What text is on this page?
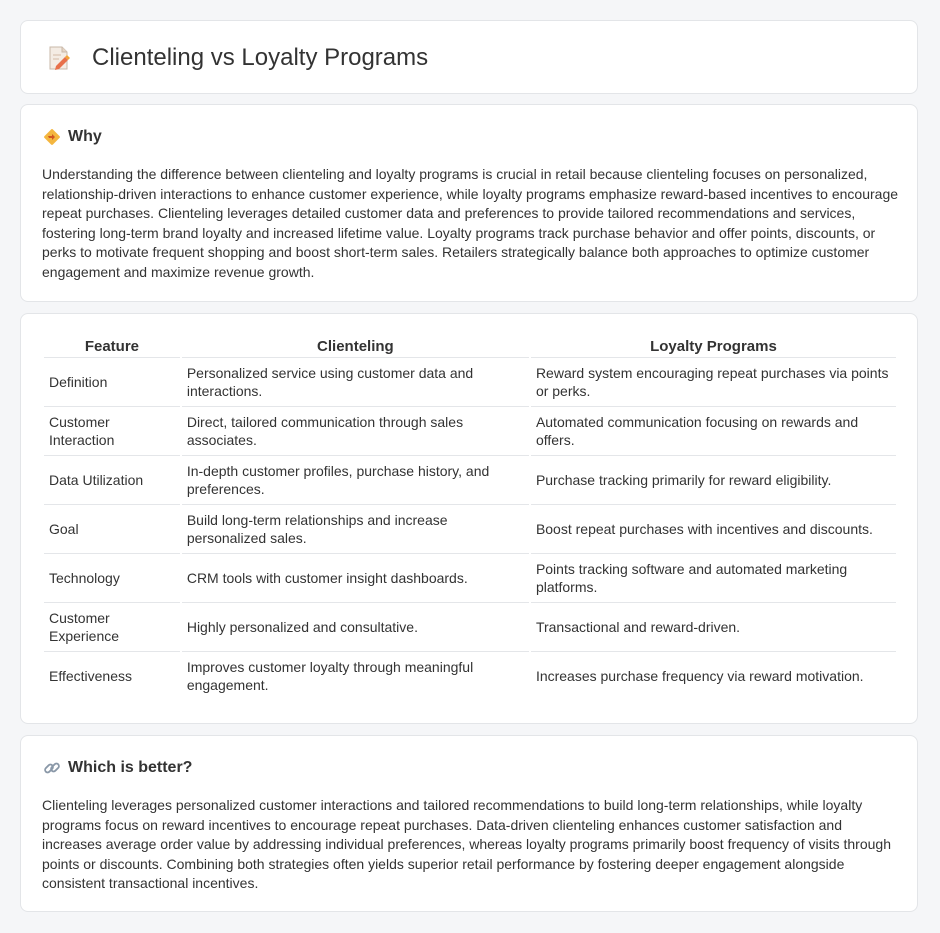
Clienteling vs Loyalty Programs
Why

Understanding the difference between clienteling and loyalty programs is crucial in retail because clienteling focuses on personalized, relationship-driven interactions to enhance customer experience, while loyalty programs emphasize reward-based incentives to encourage repeat purchases. Clienteling leverages detailed customer data and preferences to provide tailored recommendations and services, fostering long-term brand loyalty and increased lifetime value. Loyalty programs track purchase behavior and offer points, discounts, or perks to motivate frequent shopping and boost short-term sales. Retailers strategically balance both approaches to optimize customer engagement and maximize revenue growth.

Feature	Clienteling	Loyalty Programs
Definition	Personalized service using customer data and interactions.	Reward system encouraging repeat purchases via points or perks.
Customer Interaction	Direct, tailored communication through sales associates.	Automated communication focusing on rewards and offers.
Data Utilization	In-depth customer profiles, purchase history, and preferences.	Purchase tracking primarily for reward eligibility.
Goal	Build long-term relationships and increase personalized sales.	Boost repeat purchases with incentives and discounts.
Technology	CRM tools with customer insight dashboards.	Points tracking software and automated marketing platforms.
Customer Experience	Highly personalized and consultative.	Transactional and reward-driven.
Effectiveness	Improves customer loyalty through meaningful engagement.	Increases purchase frequency via reward motivation.
Which is better?

Clienteling leverages personalized customer interactions and tailored recommendations to build long-term relationships, while loyalty programs focus on reward incentives to encourage repeat purchases. Data-driven clienteling enhances customer satisfaction and increases average order value by addressing individual preferences, whereas loyalty programs primarily boost frequency of visits through points or discounts. Combining both strategies often yields superior retail performance by fostering deeper engagement alongside consistent transactional incentives.
